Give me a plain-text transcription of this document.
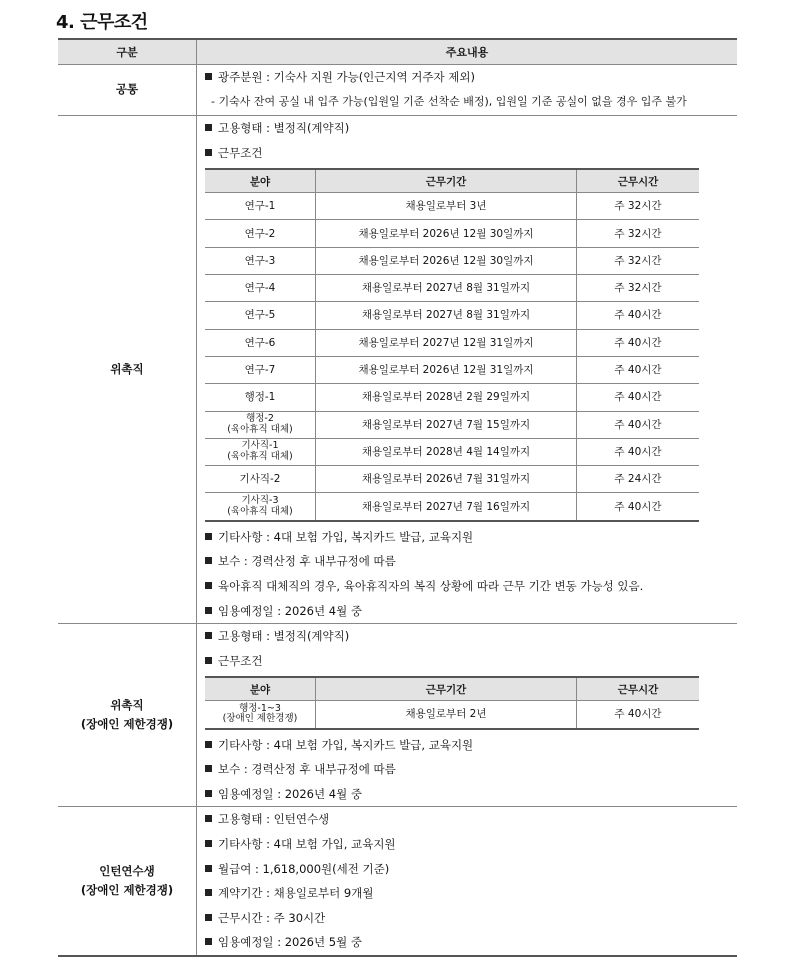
4. 근무조건
구분	주요내용
공통	
광주분원 : 기숙사 지원 가능(인근지역 거주자 제외)
- 기숙사 잔여 공실 내 입주 가능(입원일 기준 선착순 배정), 입원일 기준 공실이 없을 경우 입주 불가

위촉직	
고용형태 : 별정직(계약직)
근무조건
분야	근무기간	근무시간
연구-1	채용일로부터 3년	주 32시간
연구-2	채용일로부터 2026년 12월 30일까지	주 32시간
연구-3	채용일로부터 2026년 12월 30일까지	주 32시간
연구-4	채용일로부터 2027년 8월 31일까지	주 32시간
연구-5	채용일로부터 2027년 8월 31일까지	주 40시간
연구-6	채용일로부터 2027년 12월 31일까지	주 40시간
연구-7	채용일로부터 2026년 12월 31일까지	주 40시간
행정-1	채용일로부터 2028년 2월 29일까지	주 40시간

행정-2
(육아휴직 대체)	채용일로부터 2027년 7월 15일까지	주 40시간

기사직-1
(육아휴직 대체)	채용일로부터 2028년 4월 14일까지	주 40시간
기사직-2	채용일로부터 2026년 7월 31일까지	주 24시간

기사직-3
(육아휴직 대체)	채용일로부터 2027년 7월 16일까지	주 40시간
기타사항 : 4대 보험 가입, 복지카드 발급, 교육지원
보수 : 경력산정 후 내부규정에 따름
육아휴직 대체직의 경우, 육아휴직자의 복직 상황에 따라 근무 기간 변동 가능성 있음.
임용예정일 : 2026년 4월 중

위촉직
(장애인 제한경쟁)

고용형태 : 별정직(계약직)
근무조건
분야	근무기간	근무시간

행정-1~3
(장애인 제한경쟁)	채용일로부터 2년	주 40시간
기타사항 : 4대 보험 가입, 복지카드 발급, 교육지원
보수 : 경력산정 후 내부규정에 따름
임용예정일 : 2026년 4월 중

인턴연수생
(장애인 제한경쟁)

고용형태 : 인턴연수생
기타사항 : 4대 보험 가입, 교육지원
월급여 : 1,618,000원(세전 기준)
계약기간 : 채용일로부터 9개월
근무시간 : 주 30시간
임용예정일 : 2026년 5월 중
